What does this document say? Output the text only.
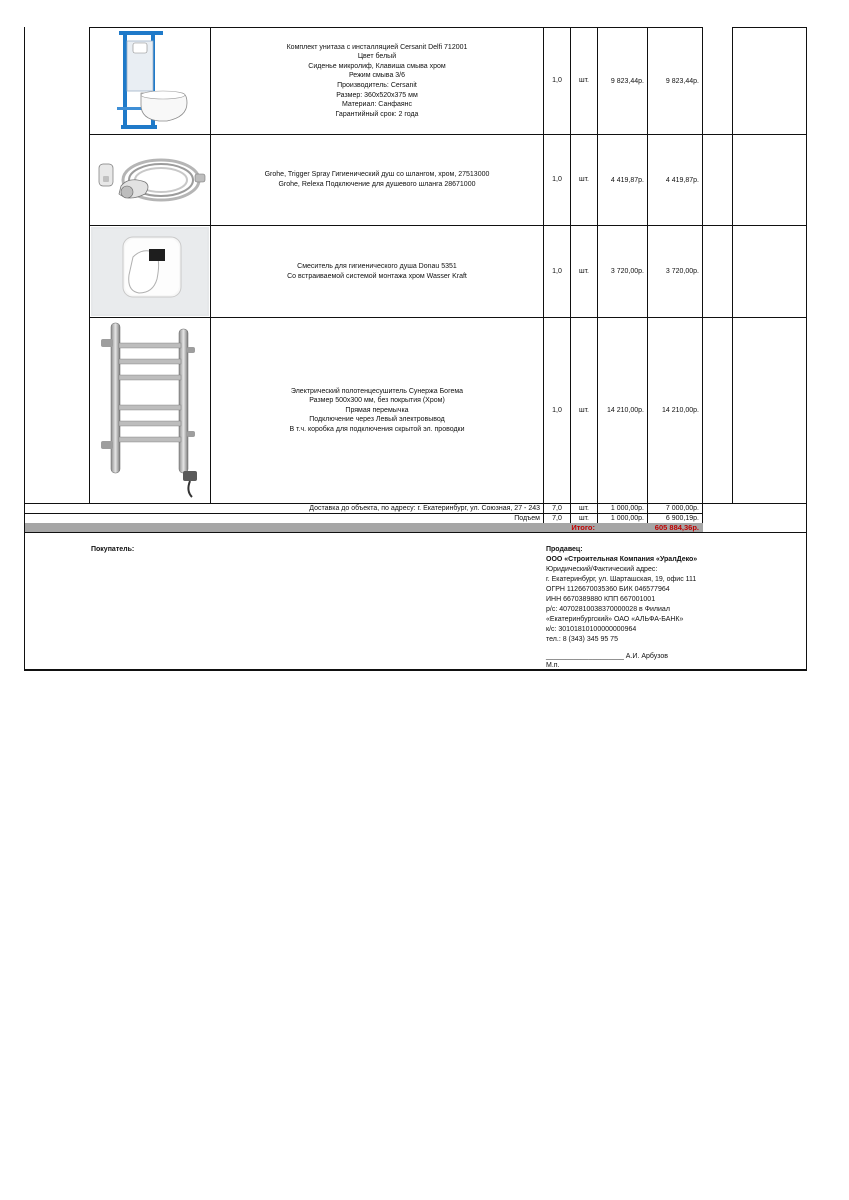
Комплект унитаза с инсталляцией Cersanit Delfi 712001
Цвет белый
Сиденье микролиф, Клавиша смыва хром
Режим смыва 3/6
Производитель: Cersanit
Размер: 360х520х375 мм
Материал: Санфаянс
Гарантийный срок: 2 года
1,0	шт.	9 823,44р.	9 823,44р.
Grohe, Trigger Spray Гигиенический душ со шлангом, хром, 27513000
Grohe, Relexa Подключение для душевого шланга 28671000
1,0	шт.	4 419,87р.	4 419,87р.
Смеситель для гигиенического душа Donau 5351
Со встраиваемой системой монтажа хром Wasser Kraft
1,0	шт.	3 720,00р.	3 720,00р.
Электрический полотенцесушитель Сунержа Богема
Размер 500х300 мм, без покрытия (Хром)
Прямая перемычка
Подключение через Левый электровывод
В т.ч. коробка для подключения скрытой эл. проводки
1,0	шт.	14 210,00р.	14 210,00р.
Доставка до объекта, по адресу: г. Екатеринбург, ул. Союзная, 27 - 243	7,0	шт.	1 000,00р.	7 000,00р.
Подъем	7,0	шт.	1 000,00р.	6 900,19р.
Итого:	605 884,36р.
Покупатель:	Продавец:
ООО «Строительная Компания «УралДеко»
Юридический/Фактический адрес:
г. Екатеринбург, ул. Шарташская, 19, офис 111
ОГРН 1126670035360 БИК 046577964
ИНН 6670389880 КПП 667001001
р/с: 40702810038370000028 в Филиал
«Екатеринбургский» ОАО «АЛЬФА-БАНК»
к/с: 30101810100000000964
тел.: 8 (343) 345 95 75
____________________ А.И. Арбузов
М.п.
